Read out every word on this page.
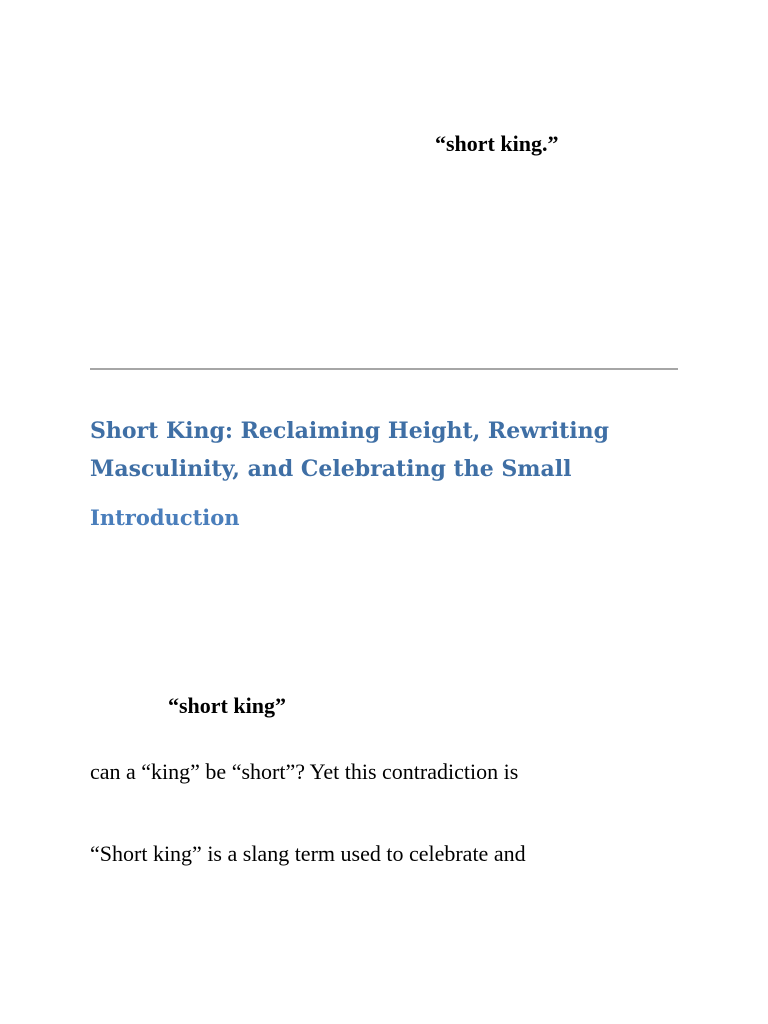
“short king.”
Short King: Reclaiming Height, Rewriting Masculinity, and Celebrating the Small
Introduction
“short king”
can a “king” be “short”? Yet this contradiction is
“Short king” is a slang term used to celebrate and
